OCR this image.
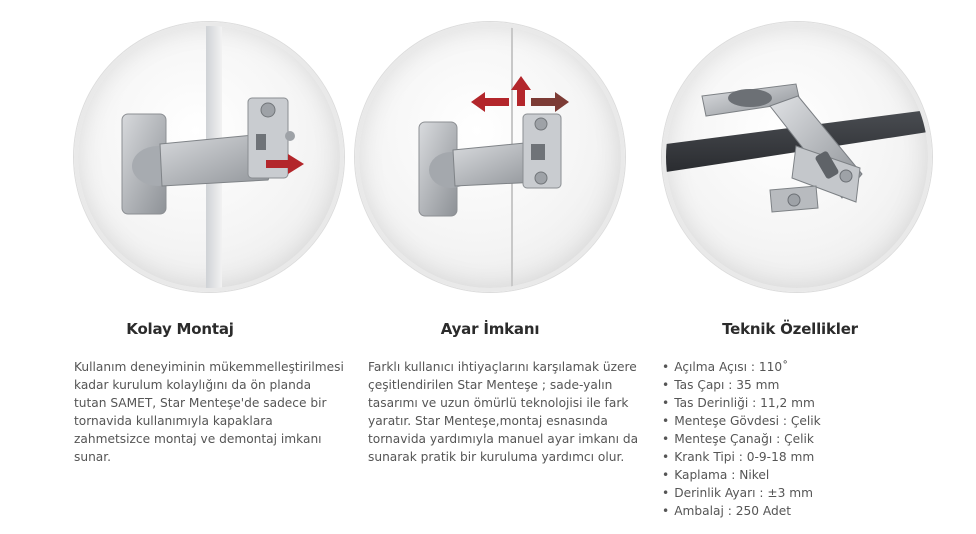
Kolay Montaj
Kullanım deneyiminin mükemmelleştirilmesi kadar kurulum kolaylığını da ön planda tutan SAMET, Star Menteşe'de sadece bir tornavida kullanımıyla kapaklara zahmetsizce montaj ve demontaj imkanı sunar.
Ayar İmkanı
Farklı kullanıcı ihtiyaçlarını karşılamak üzere çeşitlendirilen Star Menteşe ; sade-yalın tasarımı ve uzun ömürlü teknolojisi ile fark yaratır. Star Menteşe,montaj esnasında tornavida yardımıyla manuel ayar imkanı da sunarak pratik bir kuruluma yardımcı olur.
Teknik Özellikler
• Açılma Açısı : 110˚
• Tas Çapı : 35 mm
• Tas Derinliği : 11,2 mm
• Menteşe Gövdesi : Çelik
• Menteşe Çanağı : Çelik
• Krank Tipi : 0-9-18 mm
• Kaplama : Nikel
• Derinlik Ayarı : ±3 mm
• Ambalaj : 250 Adet
